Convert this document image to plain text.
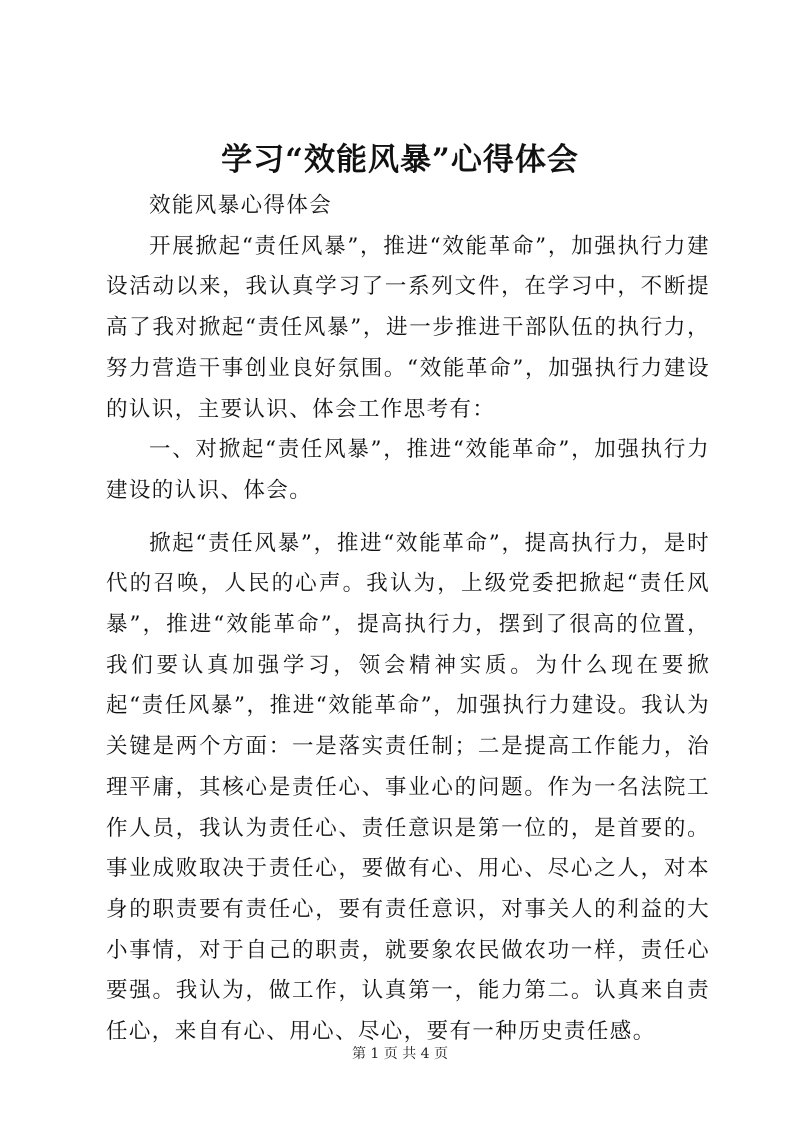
学习“效能风暴”心得体会

效能风暴心得体会

开展掀起“责任风暴”，推进“效能革命”，加强执行力建设活动以来，我认真学习了一系列文件，在学习中，不断提高了我对掀起“责任风暴”，进一步推进干部队伍的执行力，努力营造干事创业良好氛围。“效能革命”，加强执行力建设的认识，主要认识、体会工作思考有：

一、对掀起“责任风暴”，推进“效能革命”，加强执行力建设的认识、体会。

掀起“责任风暴”，推进“效能革命”，提高执行力，是时代的召唤，人民的心声。我认为，上级党委把掀起“责任风暴”，推进“效能革命”，提高执行力，摆到了很高的位置，我们要认真加强学习，领会精神实质。为什么现在要掀起“责任风暴”，推进“效能革命”，加强执行力建设。我认为关键是两个方面：一是落实责任制；二是提高工作能力，治理平庸，其核心是责任心、事业心的问题。作为一名法院工作人员，我认为责任心、责任意识是第一位的，是首要的。事业成败取决于责任心，要做有心、用心、尽心之人，对本身的职责要有责任心，要有责任意识，对事关人的利益的大小事情，对于自己的职责，就要象农民做农功一样，责任心要强。我认为，做工作，认真第一，能力第二。认真来自责任心，来自有心、用心、尽心，要有一种历史责任感。

第 1 页 共 4 页
